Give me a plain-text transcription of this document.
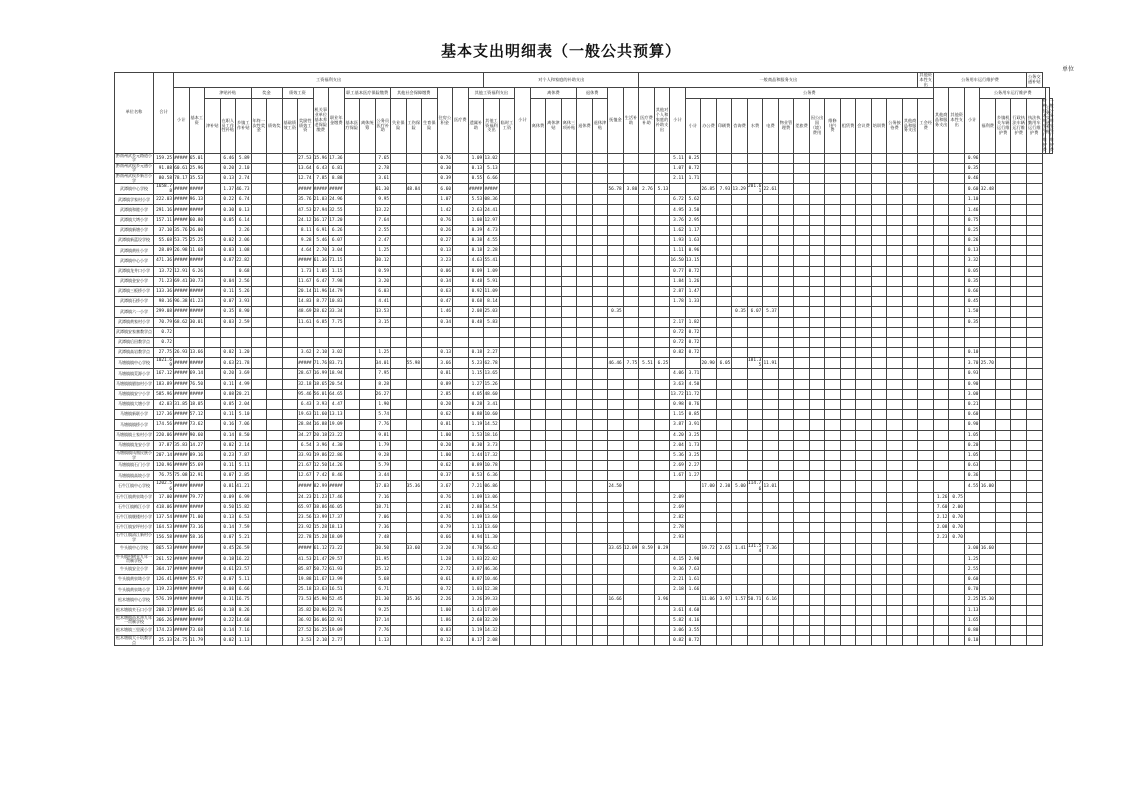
基本支出明细表（一般公共预算）
单位
单位名称	合计	工资福利支出																				对个人和家庭的补助支出										一般商品和服务支出																		其他资本性支出	公务用车运行维护费						公务交通补贴			
		小计	基本工资	津贴补贴			奖金		绩效工资		机关事业单位基本养老保险缴费	职业年金缴费	职工基本医疗保险缴费			其他社会保障缴费			住房公积金	医疗费	其他工资福利支出			小计	离休费			退休费		抚恤金	生活补助	医疗费补助	其他对个人和家庭的补助支出	小计	公务费																其他商品和服务支出	其他资本性支出	小计	公务用车运行维护费					公务交通补贴	
				津补贴	在职人员工作性补贴	乡镇工作补贴	年终一次性奖金	绩效奖	基础绩效工资	奖励性绩效工资			基本医疗保险	离休统筹	公务员医疗补助	失业保险	工伤保险	生育保险			遗属补助	其他工资福利支出	临时工工资		离休费	离休津贴	离休三项补贴	退休费	退休津贴						小计	办公费	印刷费	咨询费	水费	电费	物业管理费	差旅费	因公出国（境）费用	维修（护）费	租赁费	会议费	培训费	公务接待费	其他商品和服务支出	工会经费				福利费	乡镇机关车辆运行维护费	行政执法车辆运行维护费	执法执勤用车运行维护费	特种技术用车运行维护费		一般公务用车运行维护费

黔南州武乡元路道小学	159.25	#####	65.01		6.46	5.89				27.53	15.96	17.36			7.65				0.76		1.09	13.02												5.11	0.25																		0.96							
黔南州武侯乡元通小学	91.88	60.61	25.96		0.20	2.10				13.64	6.43	6.81			2.78				0.30		0.13	5.13												1.07	0.72																		0.35							
黔南州武侯乡新合小学	80.58	78.17	35.53		0.13	2.74				12.74	7.85	8.88			3.61				0.39		0.55	6.66												2.11	1.71																		0.46							
武潭镇中心学校	1658.78	#####	#####		1.37	46.73				#####	#####	#####			61.30		48.84		6.60		#####	#####								56.78	3.80	2.76	5.13			26.85	7.93	13.29	201.61	22.61													0.60	32.48						
武潭镇学家村小学	222.03	#####	96.13		0.22	6.74				35.76	21.03	24.96			9.95				1.07		5.53	08.36												6.72	5.62																		1.10							
武潭镇和睦小学	291.16	#####	#####		0.30	0.13				47.53	27.94	32.55			13.22				1.42		2.63	24.41												4.95	3.50																		1.46							
武潭镇大塆小学	157.11	#####	60.80		0.05	6.14				24.12	16.17	17.20			7.64				0.76		1.08	12.97												3.76	2.95																		0.75							
武潭镇新塘小学	37.10	35.76	26.00			2.26				8.11	6.91	6.26			2.55				0.26		0.39	4.73												1.62	1.17																		0.25							
武潭镇新蓝设学校	55.68	53.75	25.25		0.02	2.06				9.28	5.46	6.07			2.47				0.27		0.38	4.55												1.93	1.63																		0.26							
武潭镇黄杜小学	28.09	26.98	11.68		0.03	1.08				4.64	2.70	3.04			1.25				0.13		0.18	2.28												1.11	0.96																		0.13							
武潭镇中心小学	471.36	#####	#####		0.87	22.82				#####	61.36	71.15			30.12				3.23		4.63	55.41												16.50	13.15																		3.32							
武潭镇龙井口小学	13.72	12.91	6.26			0.68				1.73	1.05	1.15			0.59				0.06		0.09	1.09												0.77	0.72																		0.05							
武潭镇金安小学	71.23	69.41	30.73		0.04	2.56				11.67	6.47	7.98			3.20				0.34		0.48	5.91												1.84	1.26																		0.35							
武潭镇三板桥小学	133.36	#####	#####		0.11	5.26				20.14	11.96	14.79			6.03				0.63		0.92	11.09												2.87	1.47																		0.66							
武潭镇石桥小学	98.16	96.38	41.23		0.07	3.93				14.83	8.77	10.83			4.41				0.47		0.68	8.14												1.78	1.33																		0.45							
武潭镇六一小学	299.08	#####	#####		0.35	8.90				48.69	28.62	33.34			13.53				1.46		2.08	25.03								0.35								0.35	6.07	5.37													1.50							
武潭镇黄家村小学	70.79	68.62	30.01		0.03	2.59				11.61	6.85	7.75			3.15				0.34		0.48	5.83												2.17	1.82																		0.35							
武潭镇安家寨教学点	0.72																																	0.72	0.72																									
武潭镇后田教学点	0.72																																	0.72	0.72																									
武潭镇高岩教学点	27.75	26.93	13.66		0.02	1.20				3.62	2.10	3.02			1.25				0.13		0.18	2.27												0.82	0.72																		0.10							
马塘镇镇中心学校	1021.69	#####	#####		0.63	21.78				#####	71.76	83.71			34.01		55.98		3.66		5.23	62.78								46.46	7.75	5.51	6.25			20.90	6.05		181.35	11.91													3.70	25.70						
马塘镇镇荒源小学	167.12	#####	69.14		0.20	3.69				28.67	16.99	18.94			7.95				0.81		1.15	13.65												4.06	3.71																		0.93							
马塘镇镇腊加村小学	183.89	#####	76.50		0.11	4.99				32.18	18.65	20.54			8.28				0.89		1.27	15.26												3.63	4.50																		0.90							
马塘镇镇安宁小学	585.96	#####	#####		0.08	20.21				95.46	56.01	64.65			26.27				2.85		4.05	48.60												13.72	11.72																		3.00							
马塘镇镇大塘小学	42.03	31.85	18.05		0.05	2.04				6.43	3.93	4.47			1.90				0.20		0.28	3.41												0.98	0.76																		0.21							
马塘镇新联小学	127.36	#####	57.12		0.11	5.10				19.63	11.60	13.13			5.74				0.62		0.88	10.60												1.15	0.85																		0.60							
马塘镇镇桥小学	174.56	#####	73.62		0.16	7.06				28.84	16.88	19.09			7.76				0.81		1.19	14.52												3.87	3.91																		0.90							
马塘镇镇土家村小学	220.06	#####	90.60		0.14	8.50				34.27	20.18	23.22			9.81				1.00		1.53	18.16												4.20	3.25																		1.05							
马塘镇镇龙安小学	37.87	35.83	14.27		0.02	2.14				6.54	3.96	4.30			1.79				0.20		0.30	3.73												2.04	1.73																		0.20							
马塘镇镇凤凰民族小学	207.14	#####	89.16		0.23	7.87				33.93	19.86	22.86			9.28				1.00		1.44	17.32												5.36	3.25																		1.05							
马塘镇镇石门小学	120.96	#####	55.69		0.11	5.11				21.67	12.50	14.26			5.79				0.62		0.89	10.78												2.69	2.27																		0.63							
马塘镇镇高坡小学	76.75	75.08	32.91		0.07	2.85				12.67	7.42	8.46			3.44				0.37		0.53	6.36												1.67	1.27																		0.36							
石牛江镇中心学校	1202.56	#####	#####		0.81	41.21				#####	82.99	#####			17.03		35.36		3.67		7.21	06.86								24.50						17.00	2.30	5.00	114.76	13.01													4.55	16.00						
石牛江镇黄泉坳小学	17.00	#####	79.77		0.09	6.99				24.23	21.23	17.46			7.16				0.76		1.09	13.06												2.09																	1.26	0.75								
石牛江镇梅江小学	418.06	#####	#####		0.50	15.82				65.97	38.86	46.05			18.71				2.01		2.88	34.54												2.69																	7.60	2.00								
石牛江镇舰楼村小学	137.54	#####	71.00		0.13	6.53				23.56	13.99	17.37			7.06				0.76		1.09	13.60												2.82																	2.12	0.70								
石牛江镇安坪村小学	164.53	#####	73.16		0.14	7.59				23.92	15.28	18.13			7.36				0.79		1.13	13.60												2.78																	2.08	0.70								
石牛江镇清江新村小学	156.58	#####	58.16		0.07	5.21				22.78	15.28	18.09			7.48				0.66		0.94	11.30												2.93																	2.23	0.70								
牛头镇中心学校	865.53	#####	#####		0.45	26.59				#####	61.12	73.22			30.50		33.60		3.20		4.70	56.42								33.65	12.09	8.59	0.29			19.72	2.65	1.41	131.54	7.36													3.00	16.60						
牛头镇村树仓九年一贯制学校	261.52	#####	#####		0.18	16.22				41.53	21.47	29.57			11.95				1.28		1.83	22.02												4.15	2.90																		1.25							
牛头镇安全小学	364.17	#####	#####		0.61	23.57				85.87	50.72	61.93			25.12				2.72		3.87	46.36												9.36	7.63																		2.55							
牛头镇黄泉坳小学	126.41	#####	55.97		0.07	5.11				19.88	11.67	13.99			5.68				0.61		0.87	10.46												2.21	1.61																		0.60							
牛头镇黄泉坳小学	119.23	#####	#####		0.08	6.66				25.18	13.63	16.51			6.71				0.72		1.03	12.38												2.18	1.66																		0.70							
松木塘镇中心学校	576.19	#####	#####		0.31	16.75				73.53	45.90	52.45			21.30		35.36		2.26		3.26	39.33								16.66			3.96			11.06	3.97	1.57	50.71	6.16													2.25	15.30						
松木塘镇夹石口小学	208.17	#####	85.66		0.18	8.26				35.82	20.96	22.76			9.25				1.00		1.43	17.09												3.61	4.60																		1.13							
松木塘镇苗木冲九年一贯制学校	366.26	#####	#####		0.22	14.68				36.92	36.06	32.91			17.14				1.86		2.68	32.20												5.82	4.16																		1.65							
松木塘镇三里溪小学	174.23	#####	73.68		0.14	7.16				27.52	16.25	19.09			7.76				0.83		1.19	14.32												3.06	3.55																		0.80							
松木塘镇大干坑教学点	25.33	24.75	11.79		0.02	1.13				3.53	2.10	2.77			1.13				0.12		0.17	2.08												0.82	0.72																		0.10							
